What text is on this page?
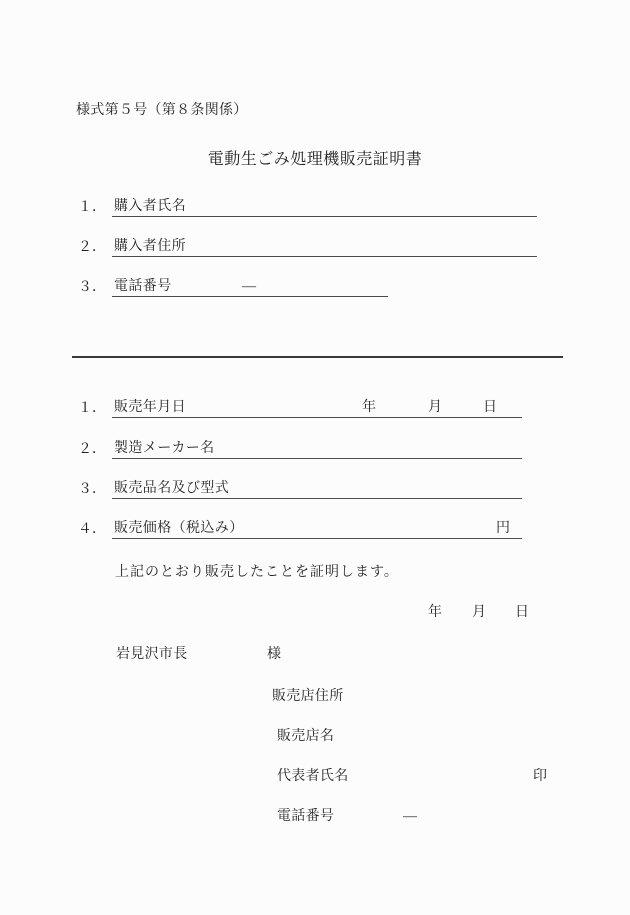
様式第５号（第８条関係）
電動生ごみ処理機販売証明書
１． 購入者氏名
２． 購入者住所
３． 電話番号	―
１． 販売年月日	年	月	日
２． 製造メーカー名
３． 販売品名及び型式
４． 販売価格（税込み）	円
上記のとおり販売したことを証明します。
年 月 日
岩見沢市長	様
販売店住所
販売店名
代表者氏名	印
電話番号	―
